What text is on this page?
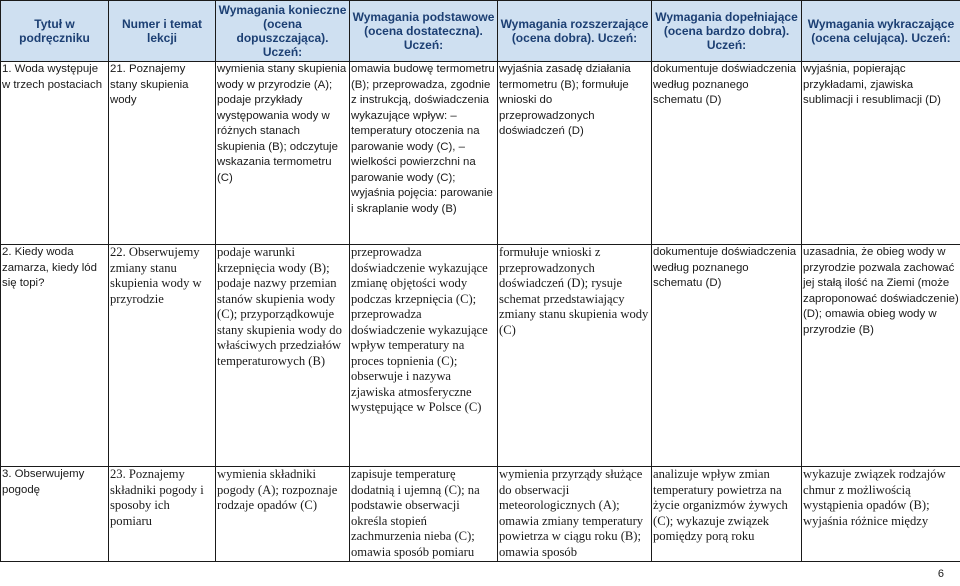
Tytuł w podręczniku	Numer i temat lekcji	Wymagania konieczne (ocena dopuszczająca). Uczeń:	Wymagania podstawowe (ocena dostateczna). Uczeń:	Wymagania rozszerzające (ocena dobra). Uczeń:	Wymagania dopełniające (ocena bardzo dobra). Uczeń:	Wymagania wykraczające (ocena celująca). Uczeń:
1. Woda występuje w trzech postaciach	21. Poznajemy stany skupienia wody	wymienia stany skupienia wody w przyrodzie (A); podaje przykłady występowania wody w różnych stanach skupienia (B); odczytuje wskazania termometru (C)	omawia budowę termometru (B); przeprowadza, zgodnie z instrukcją, doświadczenia wykazujące wpływ: – temperatury otoczenia na parowanie wody (C), – wielkości powierzchni na parowanie wody (C); wyjaśnia pojęcia: parowanie i skraplanie wody (B)	wyjaśnia zasadę działania termometru (B); formułuje wnioski do przeprowadzonych doświadczeń (D)	dokumentuje doświadczenia według poznanego schematu (D)	wyjaśnia, popierając przykładami, zjawiska sublimacji i resublimacji (D)
2. Kiedy woda zamarza, kiedy lód się topi?	22. Obserwujemy zmiany stanu skupienia wody w przyrodzie	podaje warunki krzepnięcia wody (B); podaje nazwy przemian stanów skupienia wody (C); przyporządkowuje stany skupienia wody do właściwych przedziałów temperaturowych (B)	przeprowadza doświadczenie wykazujące zmianę objętości wody podczas krzepnięcia (C); przeprowadza doświadczenie wykazujące wpływ temperatury na proces topnienia (C); obserwuje i nazywa zjawiska atmosferyczne występujące w Polsce (C)	formułuje wnioski z przeprowadzonych doświadczeń (D); rysuje schemat przedstawiający zmiany stanu skupienia wody (C)	dokumentuje doświadczenia według poznanego schematu (D)	uzasadnia, że obieg wody w przyrodzie pozwala zachować jej stałą ilość na Ziemi (może zaproponować doświadczenie) (D); omawia obieg wody w przyrodzie (B)
3. Obserwujemy pogodę	23. Poznajemy składniki pogody i sposoby ich pomiaru	wymienia składniki pogody (A); rozpoznaje rodzaje opadów (C)	zapisuje temperaturę dodatnią i ujemną (C); na podstawie obserwacji określa stopień zachmurzenia nieba (C); omawia sposób pomiaru	wymienia przyrządy służące do obserwacji meteorologicznych (A); omawia zmiany temperatury powietrza w ciągu roku (B); omawia sposób	analizuje wpływ zmian temperatury powietrza na życie organizmów żywych (C); wykazuje związek pomiędzy porą roku	wykazuje związek rodzajów chmur z możliwością wystąpienia opadów (B); wyjaśnia różnice między
6
